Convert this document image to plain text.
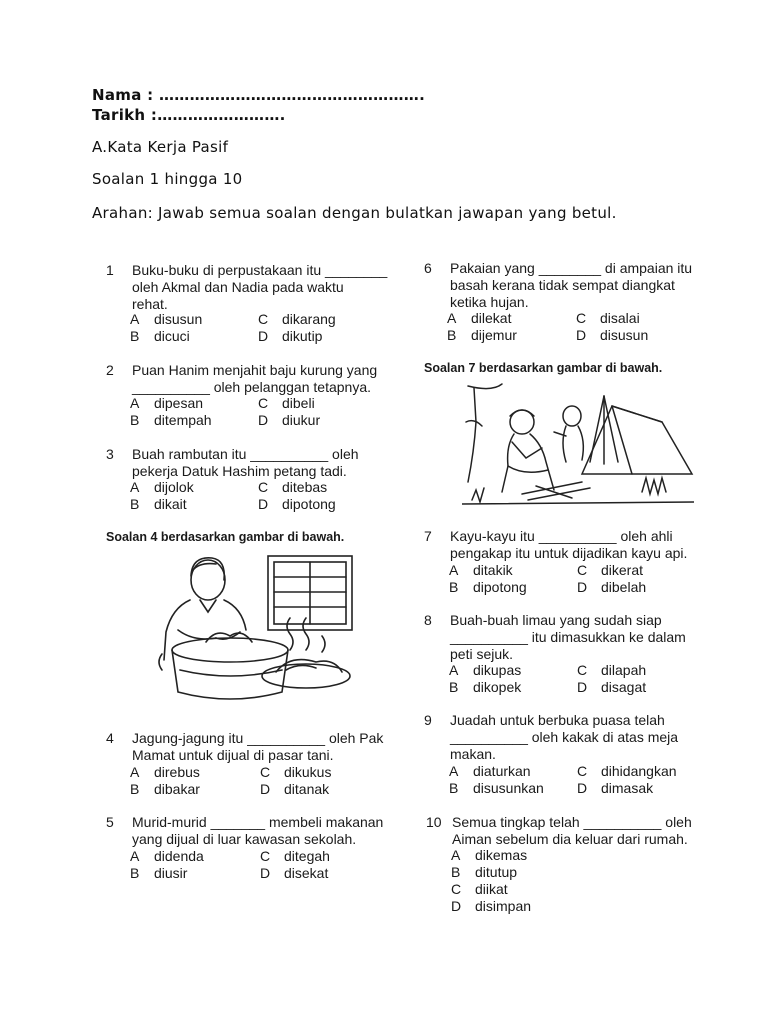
Nama : …………………………………………….
Tarikh :…………………….
A.Kata Kerja Pasif
Soalan 1 hingga 10
Arahan: Jawab semua soalan dengan bulatkan jawapan yang betul.
1 Buku-buku di perpustakaan itu ________
oleh Akmal dan Nadia pada waktu
rehat.
A disusun	C dikarang
B dicuci	D dikutip
2 Puan Hanim menjahit baju kurung yang
__________ oleh pelanggan tetapnya.
A dipesan	C dibeli
B ditempah	D diukur
3 Buah rambutan itu __________ oleh
pekerja Datuk Hashim petang tadi.
A dijolok	C ditebas
B dikait	D dipotong
Soalan 4 berdasarkan gambar di bawah.
4 Jagung-jagung itu __________ oleh Pak
Mamat untuk dijual di pasar tani.
A direbus	C dikukus
B dibakar	D ditanak
5 Murid-murid _______ membeli makanan
yang dijual di luar kawasan sekolah.
A didenda	C ditegah
B diusir	D disekat
6 Pakaian yang ________ di ampaian itu
basah kerana tidak sempat diangkat
ketika hujan.
A dilekat	C disalai
B dijemur	D disusun
Soalan 7 berdasarkan gambar di bawah.
7 Kayu-kayu itu __________ oleh ahli
pengakap itu untuk dijadikan kayu api.
A ditakik	C dikerat
B dipotong	D dibelah
8 Buah-buah limau yang sudah siap
__________ itu dimasukkan ke dalam
peti sejuk.
A dikupas	C dilapah
B dikopek	D disagat
9 Juadah untuk berbuka puasa telah
__________ oleh kakak di atas meja
makan.
A diaturkan	C dihidangkan
B disusunkan D dimasak
10 Semua tingkap telah __________ oleh
Aiman sebelum dia keluar dari rumah.
A dikemas
B ditutup
C diikat
D disimpan
